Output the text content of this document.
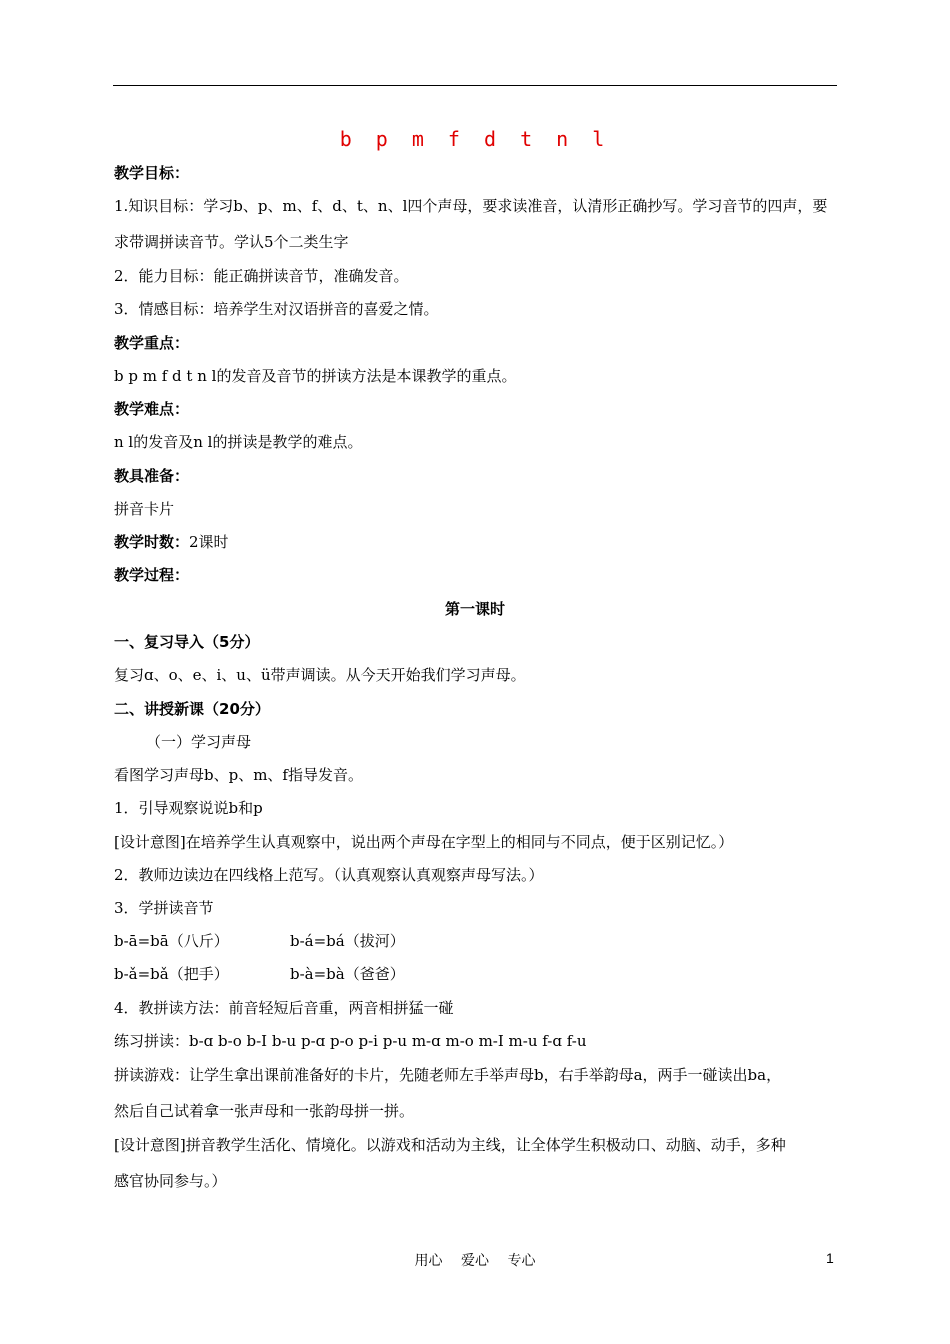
b p m f d t n l
教学目标：
1.知识目标：学习b、p、m、f、d、t、n、l四个声母，要求读准音，认清形正确抄写。学习音节的四声，要
求带调拼读音节。学认5个二类生字
2．能力目标：能正确拼读音节，准确发音。
3．情感目标：培养学生对汉语拼音的喜爱之情。
教学重点：
b p m f d t n l的发音及音节的拼读方法是本课教学的重点。
教学难点：
n l的发音及n l的拼读是教学的难点。
教具准备：
拼音卡片
教学时数：2课时
教学过程：
第一课时
一、复习导入（5分）
复习ɑ、o、e、i、u、ü带声调读。从今天开始我们学习声母。
二、讲授新课（20分）
（一）学习声母
看图学习声母b、p、m、f指导发音。
1．引导观察说说b和p
[设计意图]在培养学生认真观察中，说出两个声母在字型上的相同与不同点，便于区别记忆。）
2．教师边读边在四线格上范写。（认真观察认真观察声母写法。）
3．学拼读音节
b-ā=bā（八斤）	b-á=bá（拔河）
b-ǎ=bǎ（把手）	b-à=bà（爸爸）
4．教拼读方法：前音轻短后音重，两音相拼猛一碰
练习拼读：b-ɑ b-o b-I b-u p-ɑ p-o p-i p-u m-ɑ m-o m-I m-u f-ɑ f-u
拼读游戏：让学生拿出课前准备好的卡片，先随老师左手举声母b，右手举韵母a，两手一碰读出ba，
然后自己试着拿一张声母和一张韵母拼一拼。
[设计意图]拼音教学生活化、情境化。以游戏和活动为主线，让全体学生积极动口、动脑、动手，多种
感官协同参与。）
用心 爱心 专心	1
